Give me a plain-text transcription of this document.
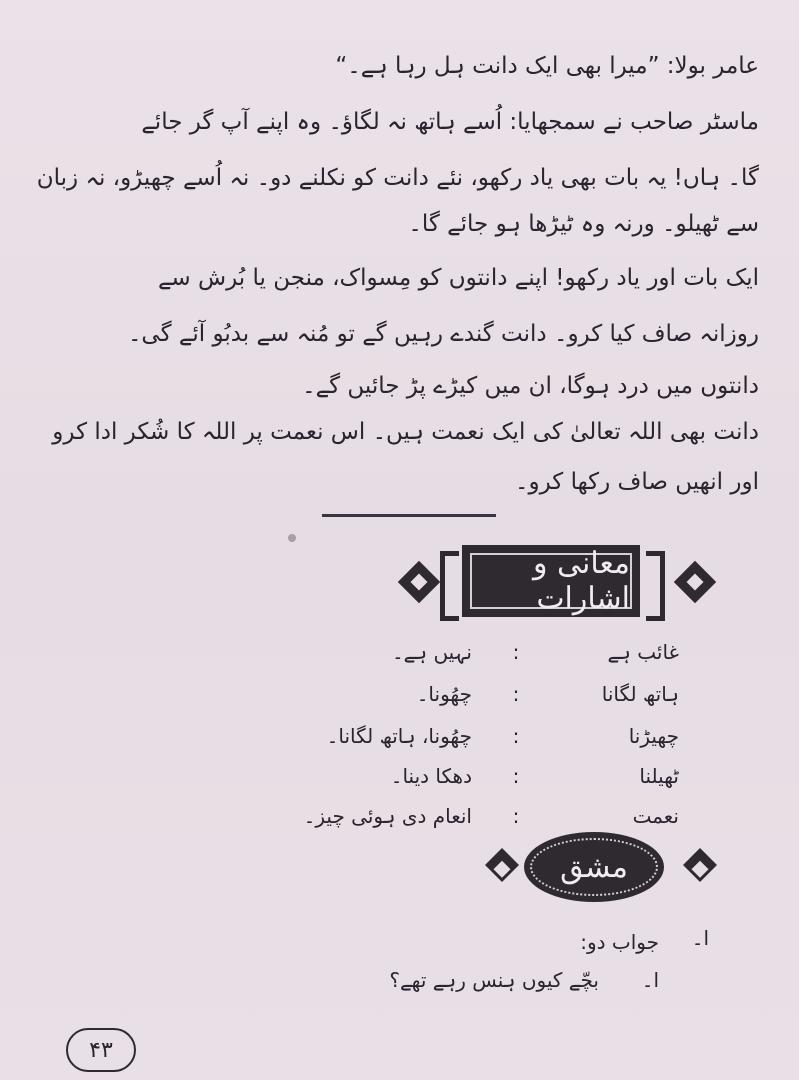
عامر بولا: ”میرا بھی ایک دانت ہل رہا ہے۔“
ماسٹر صاحب نے سمجھایا: اُسے ہاتھ نہ لگاؤ۔ وہ اپنے آپ گر جائے
گا۔ ہاں! یہ بات بھی یاد رکھو، نئے دانت کو نکلنے دو۔ نہ اُسے چھیڑو، نہ زبان
سے ٹھیلو۔ ورنہ وہ ٹیڑھا ہو جائے گا۔
ایک بات اور یاد رکھو! اپنے دانتوں کو مِسواک، منجن یا بُرش سے
روزانہ صاف کیا کرو۔ دانت گندے رہیں گے تو مُنہ سے بدبُو آئے گی۔
دانتوں میں درد ہوگا، ان میں کیڑے پڑ جائیں گے۔
دانت بھی اللہ تعالیٰ کی ایک نعمت ہیں۔ اس نعمت پر اللہ کا شُکر ادا کرو
اور انھیں صاف رکھا کرو۔
معانی و اشارات
غائب ہے
:
نہیں ہے۔
ہاتھ لگانا
:
چھُونا۔
چھیڑنا
:
چھُونا، ہاتھ لگانا۔
ٹھیلنا
:
دھکا دینا۔
نعمت
:
انعام دی ہوئی چیز۔
مشق
ا۔
جواب دو:
ا۔
بچّے کیوں ہنس رہے تھے؟
۴۳
